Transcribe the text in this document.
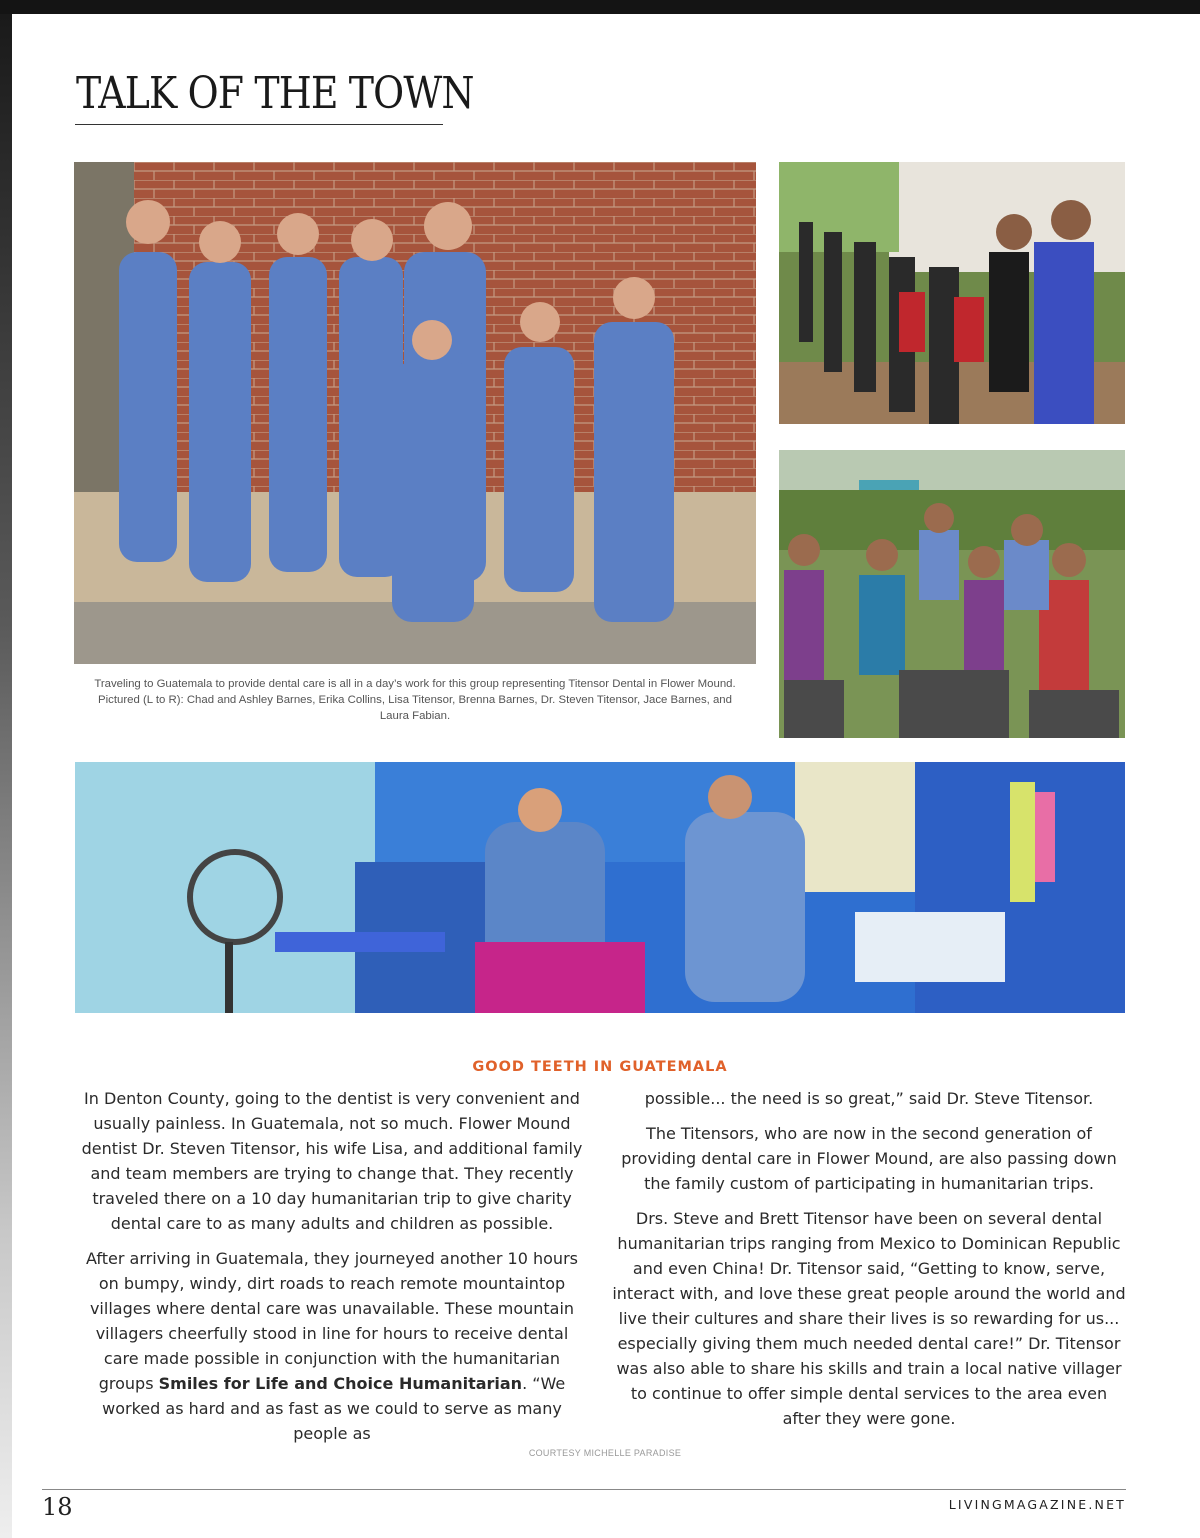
TALK OF THE TOWN
Traveling to Guatemala to provide dental care is all in a day’s work for this group representing Titensor Dental in Flower Mound.
Pictured (L to R): Chad and Ashley Barnes, Erika Collins, Lisa Titensor, Brenna Barnes, Dr. Steven Titensor, Jace Barnes, and
Laura Fabian.
GOOD TEETH IN GUATEMALA

In Denton County, going to the dentist is very convenient and usually painless. In Guatemala, not so much. Flower Mound dentist Dr. Steven Titensor, his wife Lisa, and additional family and team members are trying to change that. They recently traveled there on a 10 day humanitarian trip to give charity dental care to as many adults and children as possible.

After arriving in Guatemala, they journeyed another 10 hours on bumpy, windy, dirt roads to reach remote mountaintop villages where dental care was unavailable. These mountain villagers cheerfully stood in line for hours to receive dental care made possible in conjunction with the humanitarian groups Smiles for Life and Choice Humanitarian. “We worked as hard and as fast as we could to serve as many people as

possible... the need is so great,” said Dr. Steve Titensor.

The Titensors, who are now in the second generation of providing dental care in Flower Mound, are also passing down the family custom of participating in humanitarian trips.

Drs. Steve and Brett Titensor have been on several dental humanitarian trips ranging from Mexico to Dominican Republic and even China! Dr. Titensor said, “Getting to know, serve, interact with, and love these great people around the world and live their cultures and share their lives is so rewarding for us... especially giving them much needed dental care!” Dr. Titensor was also able to share his skills and train a local native villager to continue to offer simple dental services to the area even after they were gone.

COURTESY MICHELLE PARADISE
18	LIVINGMAGAZINE.NET
